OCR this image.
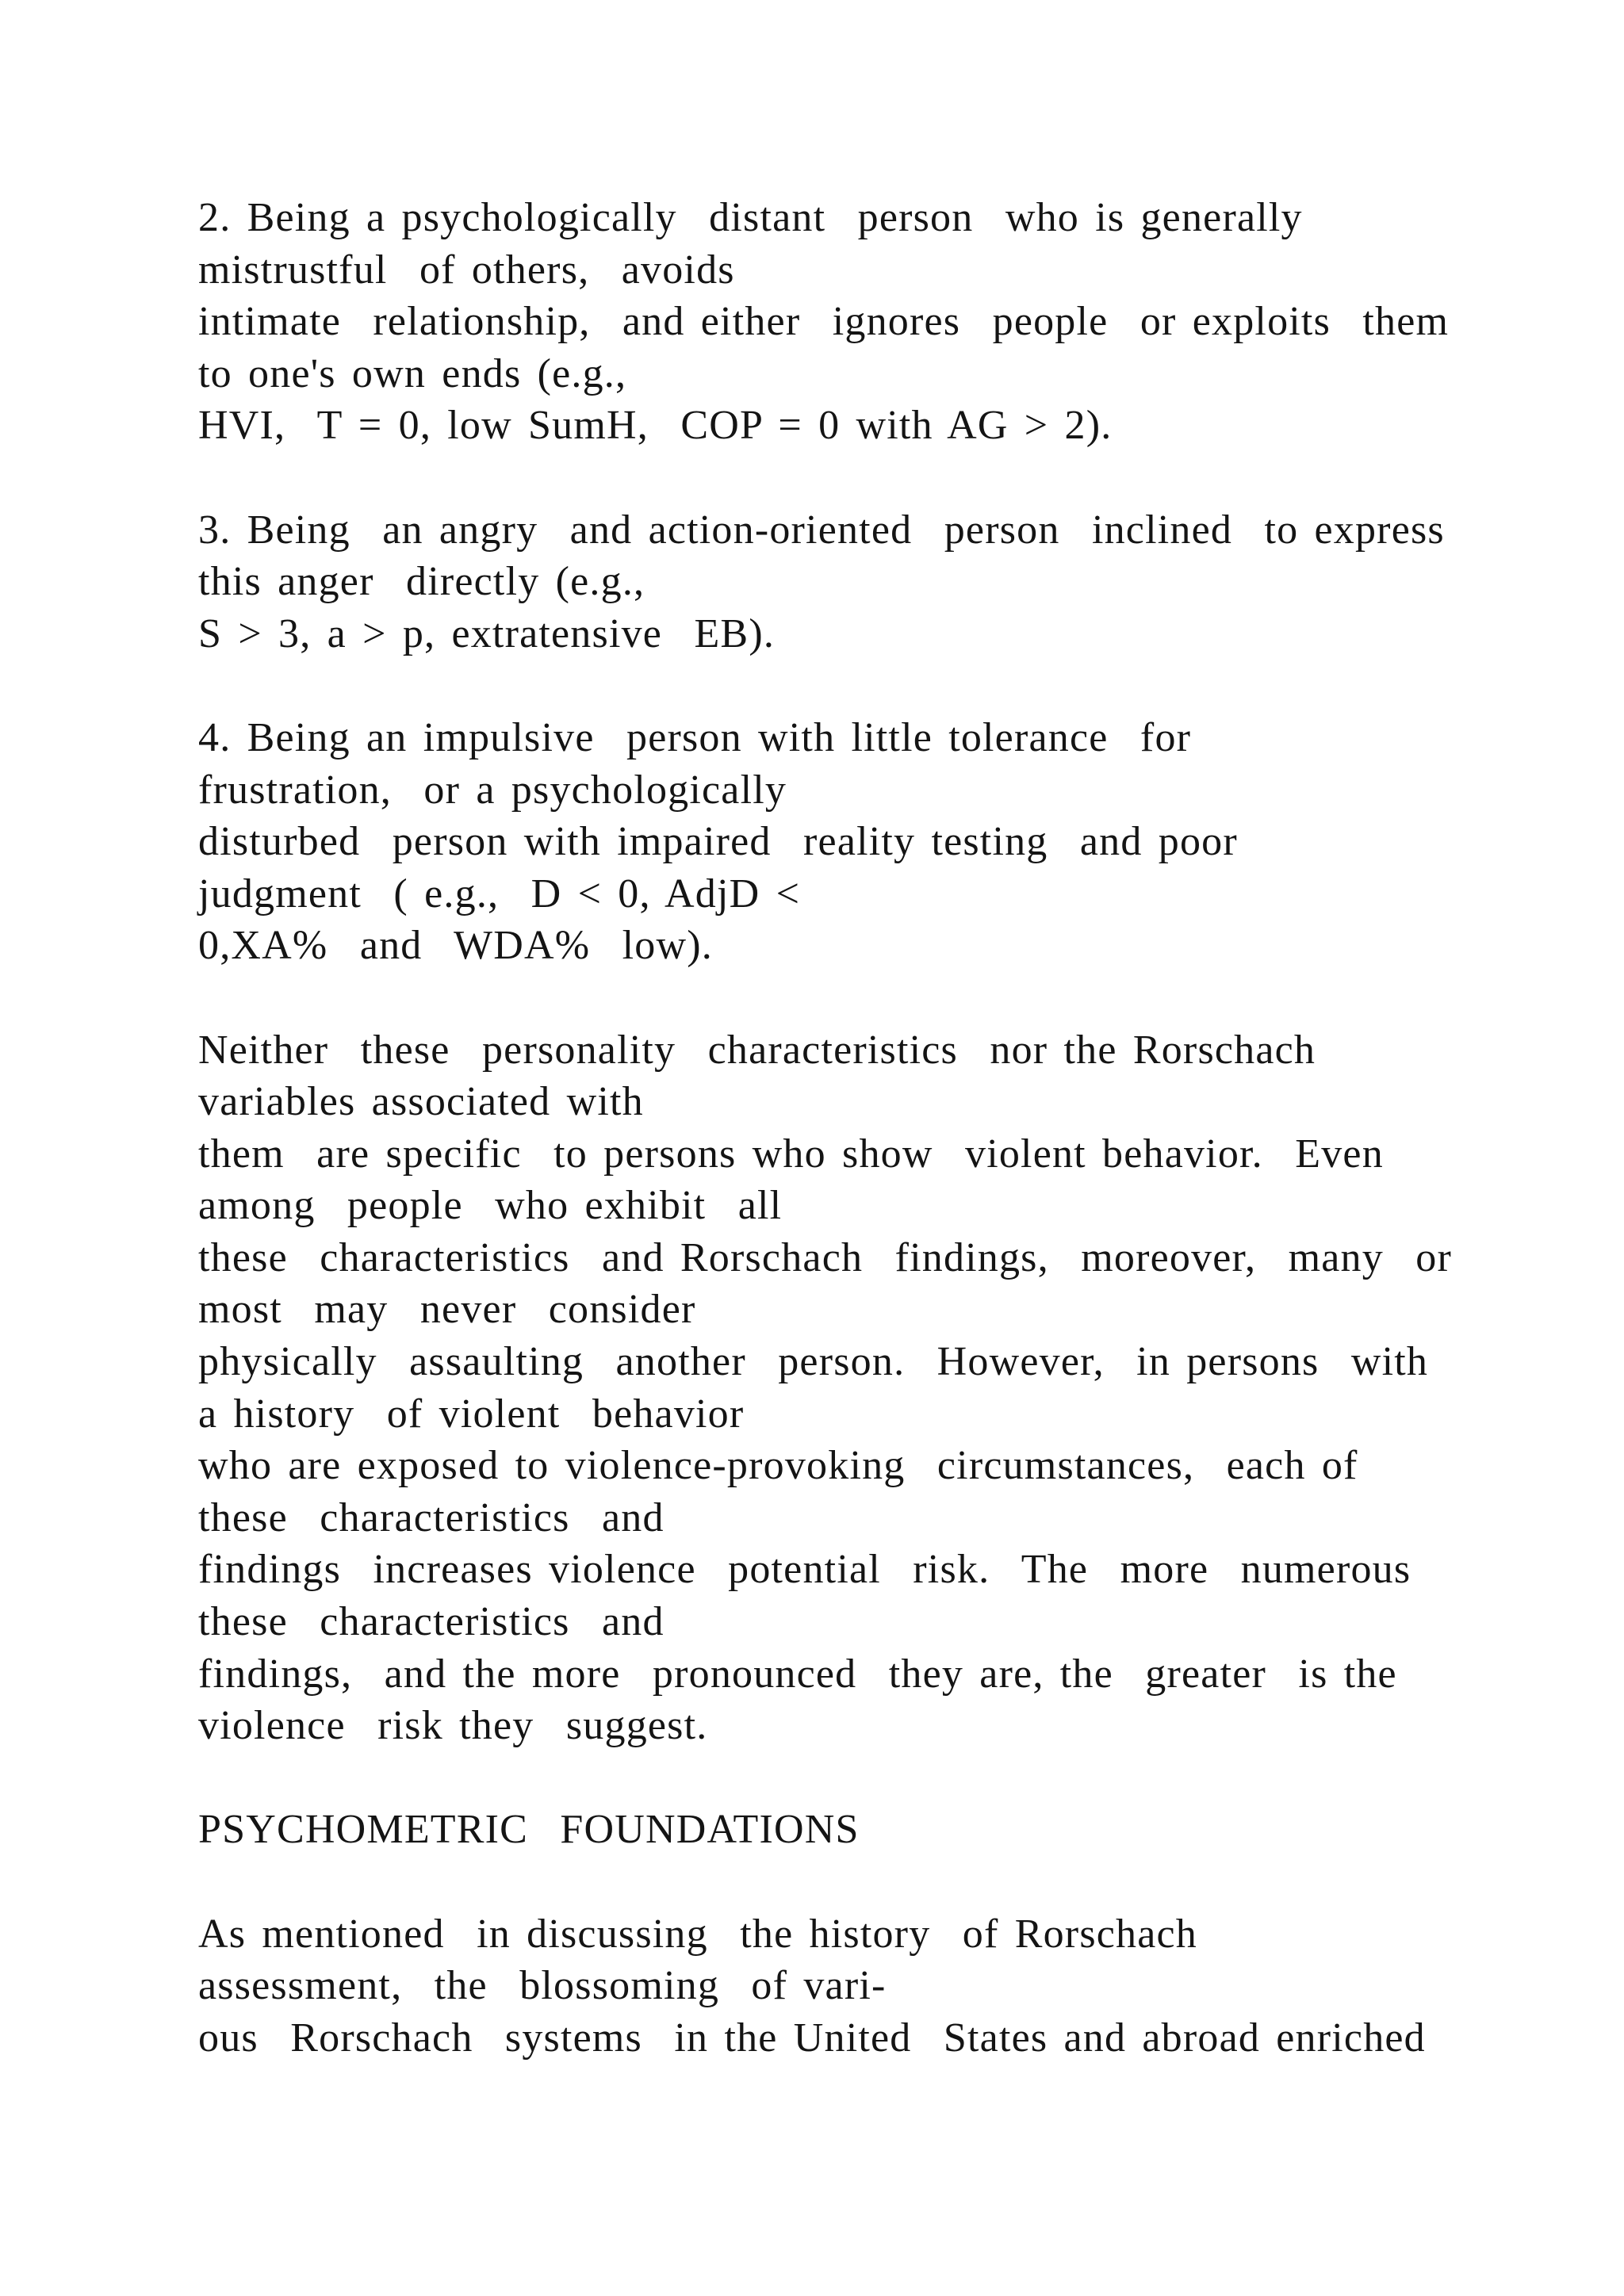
2. Being a psychologically  distant  person  who is generally
mistrustful  of others,  avoids
intimate  relationship,  and either  ignores  people  or exploits  them
to one's own ends (e.g.,
HVI,  T = 0, low SumH,  COP = 0 with AG > 2).
3. Being  an angry  and action-oriented  person  inclined  to express
this anger  directly (e.g.,
S > 3, a > p, extratensive  EB).
4. Being an impulsive  person with little tolerance  for
frustration,  or a psychologically
disturbed  person with impaired  reality testing  and poor
judgment  ( e.g.,  D < 0, AdjD <
0,XA%  and  WDA%  low).
Neither  these  personality  characteristics  nor the Rorschach
variables associated with
them  are specific  to persons who show  violent behavior.  Even
among  people  who exhibit  all
these  characteristics  and Rorschach  findings,  moreover,  many  or
most  may  never  consider
physically  assaulting  another  person.  However,  in persons  with
a history  of violent  behavior
who are exposed to violence-provoking  circumstances,  each of
these  characteristics  and
findings  increases violence  potential  risk.  The  more  numerous
these  characteristics  and
findings,  and the more  pronounced  they are, the  greater  is the
violence  risk they  suggest.
PSYCHOMETRIC  FOUNDATIONS
As mentioned  in discussing  the history  of Rorschach
assessment,  the  blossoming  of vari-
ous  Rorschach  systems  in the United  States and abroad enriched
